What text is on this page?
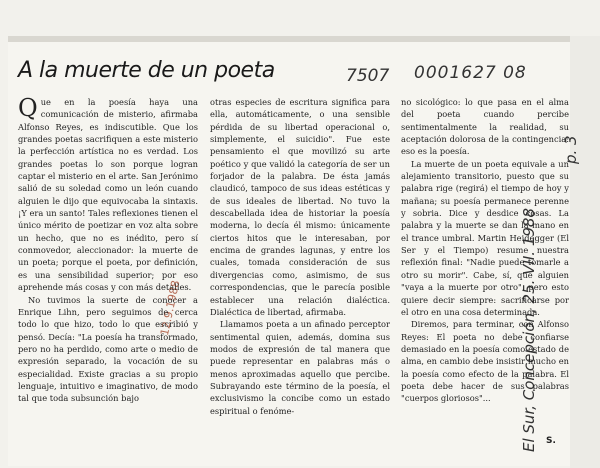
A la muerte de un poeta	7507 0001627 08
El Sur, Concepción, 25. VII. 1988
p. 3
12.9.1988

Que en la poesía haya una comunicación de misterio, afirmaba Alfonso Reyes, es indiscutible. Que los grandes poetas sacrifiquen a este misterio la perfección artística no es verdad. Los grandes poetas lo son porque logran captar el misterio en el arte. San Jerónimo salió de su soledad como un león cuando alguien le dijo que equivocaba la sintaxis. ¡Y era un santo! Tales reflexiones tienen el único mérito de poetizar en voz alta sobre un hecho, que no es inédito, pero sí conmovedor, aleccionador: la muerte de un poeta; porque el poeta, por definición, es una sensibilidad superior; por eso aprehende más cosas y con más detalles.

No tuvimos la suerte de conocer a Enrique Lihn, pero seguimos de cerca todo lo que hizo, todo lo que escribió y pensó. Decía: "La poesía ha transformado, pero no ha perdido, como arte o medio de expresión separado, la vocación de su especialidad. Existe gracias a su propio lenguaje, intuitivo e imaginativo, de modo tal que toda subsunción bajo

otras especies de escritura significa para ella, automáticamente, o una sensible pérdida de su libertad operacional o, simplemente, el suicidio". Fue este pensamiento el que movilizó su arte poético y que validó la categoría de ser un forjador de la palabra. De ésta jamás claudicó, tampoco de sus ideas estéticas y de sus ideales de libertad. No tuvo la descabellada idea de historiar la poesía moderna, lo decía él mismo: únicamente ciertos hitos que le interesaban, por encima de grandes lagunas, y entre los cuales, tomada consideración de sus divergencias como, asimismo, de sus correspondencias, que le parecía posible establecer una relación dialéctica. Dialéctica de libertad, afirmaba.

Llamamos poeta a un afinado perceptor sentimental quien, además, domina sus modos de expresión de tal manera que puede representar en palabras más o menos aproximadas aquello que percibe. Subrayando este término de la poesía, el exclusivismo la concibe como un estado espiritual o fenóme-

no sicológico: lo que pasa en el alma del poeta cuando percibe sentimentalmente la realidad, su aceptación dolorosa de la contingencia: eso es la poesía.

La muerte de un poeta equivale a un alejamiento transitorio, puesto que su palabra rige (regirá) el tiempo de hoy y mañana; su poesía permanece perenne y sobria. Dice y desdice cosas. La palabra y la muerte se dan la mano en el trance umbral. Martin Heidegger (El Ser y el Tiempo) resume nuestra reflexión final: "Nadie puede tomarle a otro su morir". Cabe, sí, que alguien "vaya a la muerte por otro", pero esto quiere decir siempre: sacrificarse por el otro en una cosa determinada.

Diremos, para terminar, con Alfonso Reyes: El poeta no debe confiarse demasiado en la poesía como estado de alma, en cambio debe insistir mucho en la poesía como efecto de la palabra. El poeta debe hacer de sus palabras "cuerpos gloriosos"...

S.
